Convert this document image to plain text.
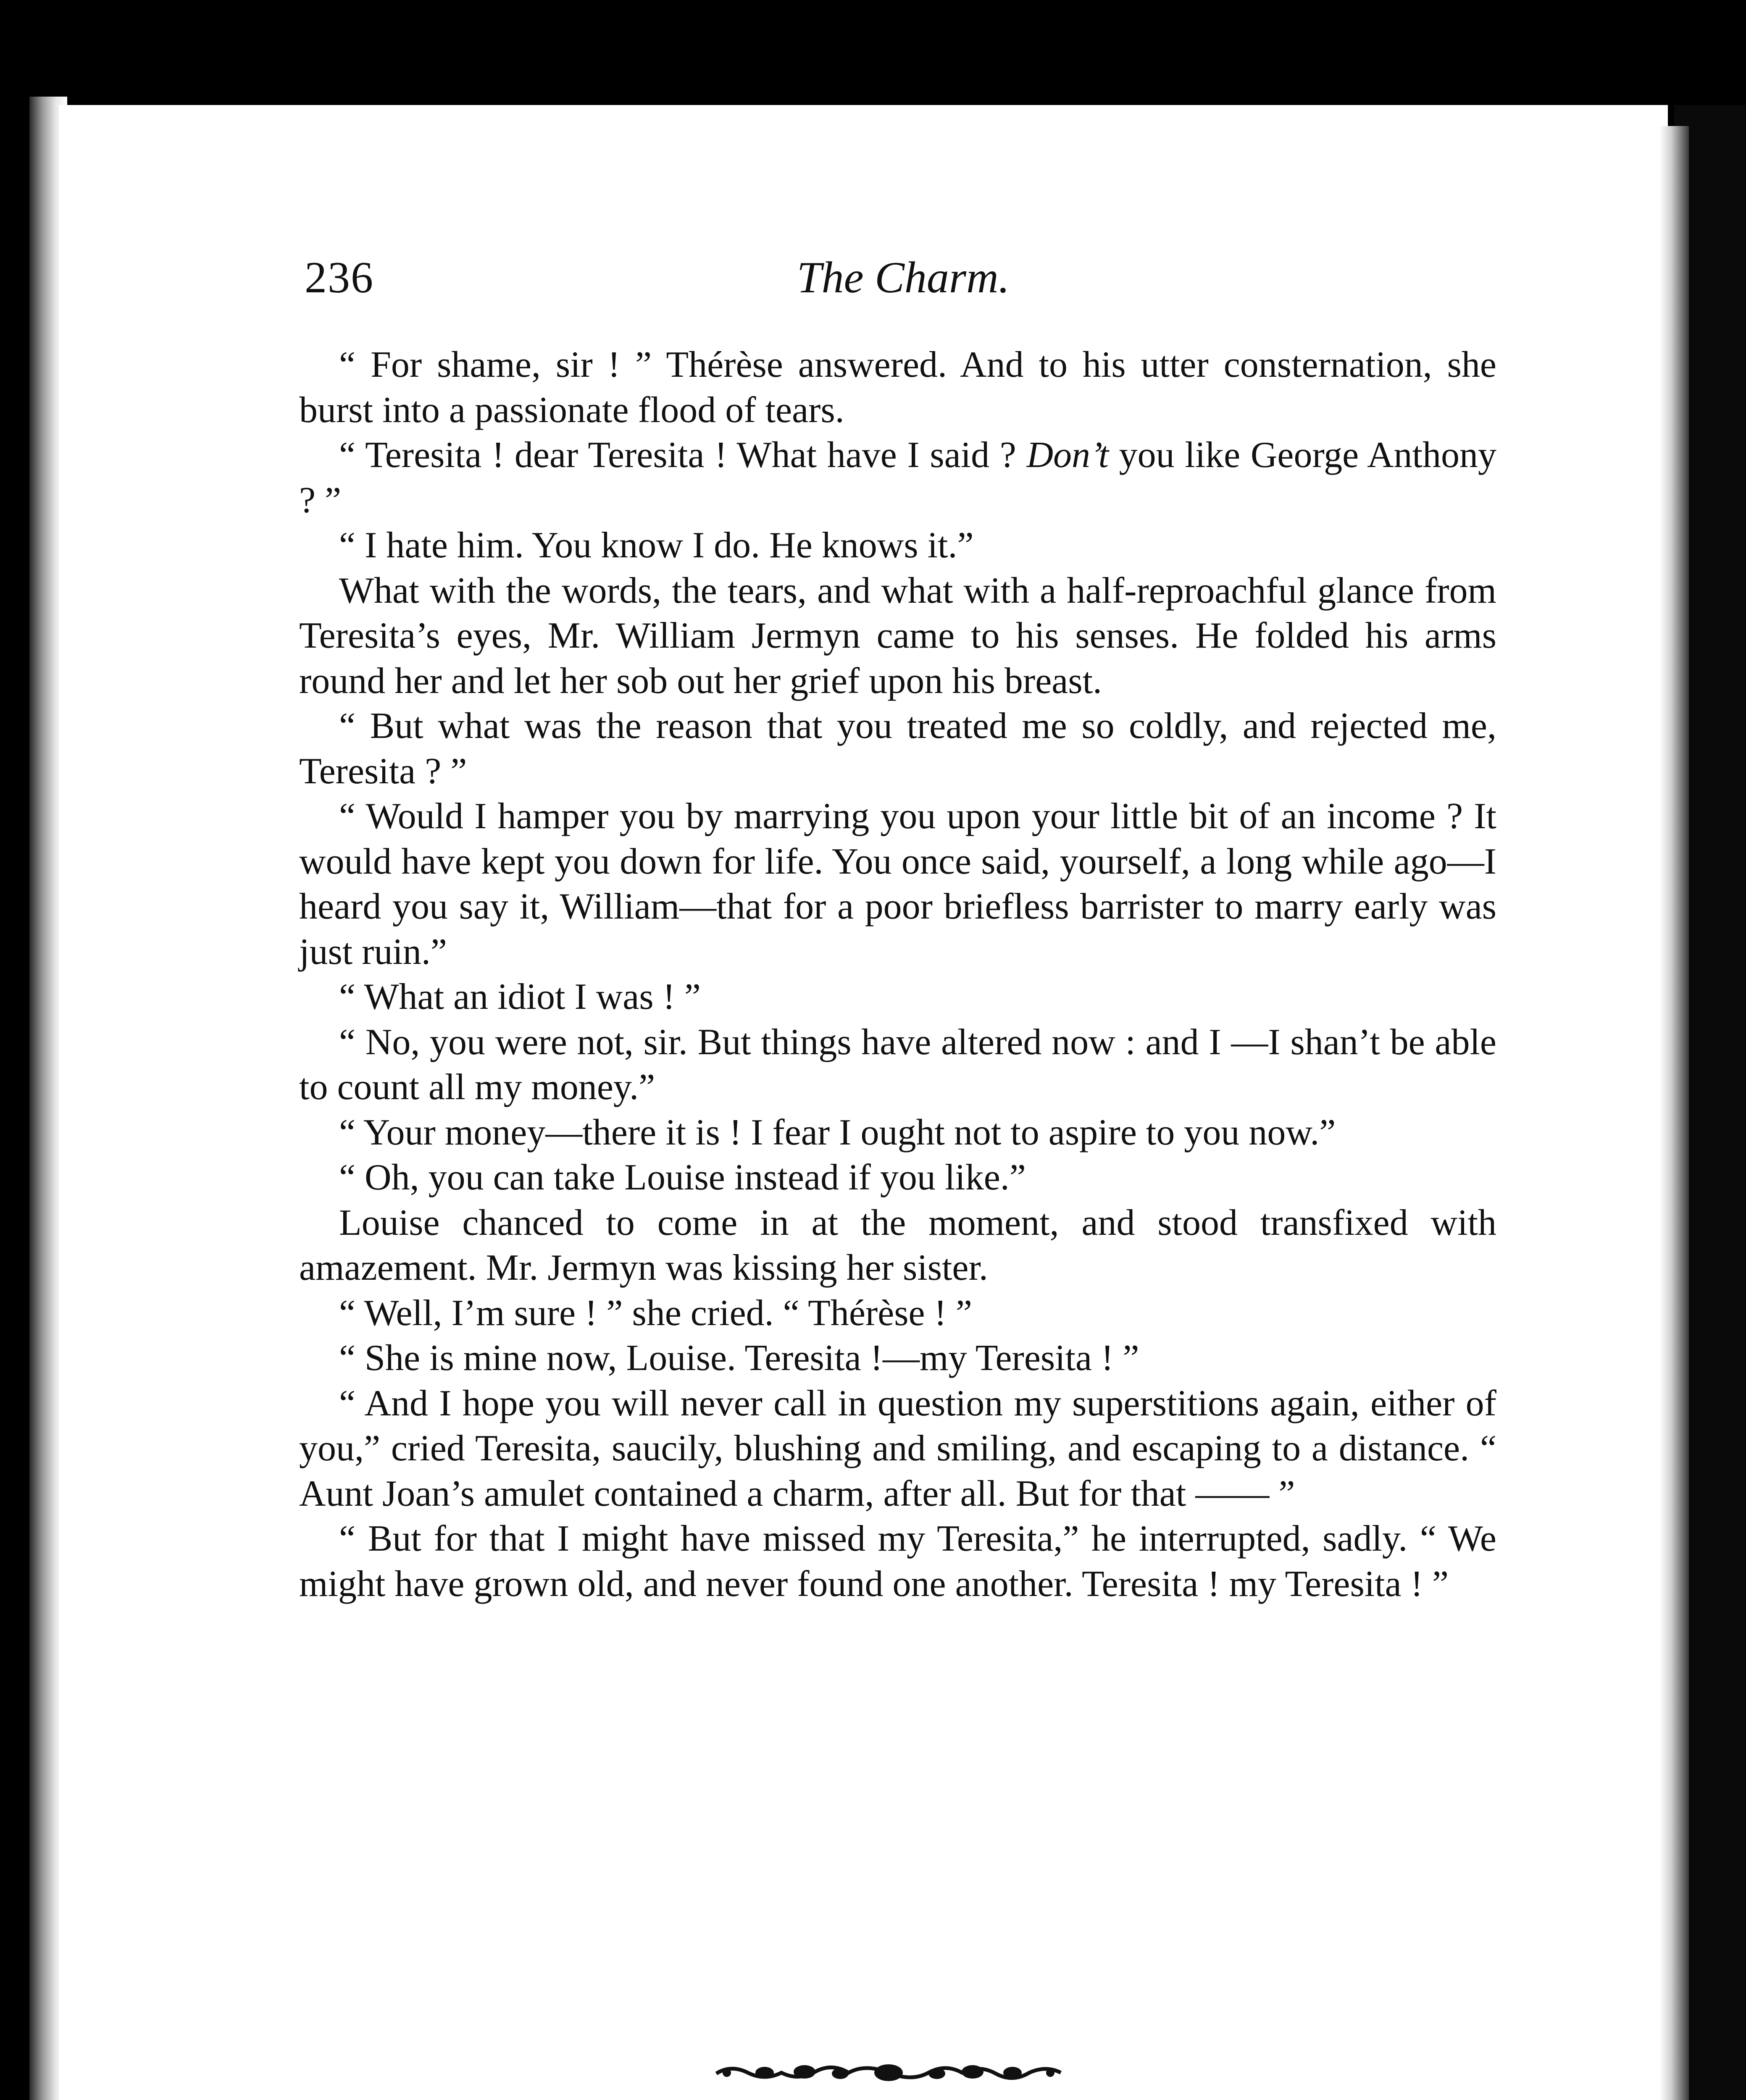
236	The Charm.

“ For shame, sir ! ” Thérèse answered. And to his utter consternation, she burst into a passionate flood of tears.

“ Teresita ! dear Teresita ! What have I said ? Don’t you like George Anthony ? ”

“ I hate him. You know I do. He knows it.”

What with the words, the tears, and what with a half-reproachful glance from Teresita’s eyes, Mr. William Jermyn came to his senses. He folded his arms round her and let her sob out her grief upon his breast.

“ But what was the reason that you treated me so coldly, and rejected me, Teresita ? ”

“ Would I hamper you by marrying you upon your little bit of an income ? It would have kept you down for life. You once said, yourself, a long while ago—I heard you say it, William—that for a poor briefless barrister to marry early was just ruin.”

“ What an idiot I was ! ”

“ No, you were not, sir. But things have altered now : and I —I shan’t be able to count all my money.”

“ Your money—there it is ! I fear I ought not to aspire to you now.”

“ Oh, you can take Louise instead if you like.”

Louise chanced to come in at the moment, and stood transfixed with amazement. Mr. Jermyn was kissing her sister.

“ Well, I’m sure ! ” she cried. “ Thérèse ! ”

“ She is mine now, Louise. Teresita !—my Teresita ! ”

“ And I hope you will never call in question my superstitions again, either of you,” cried Teresita, saucily, blushing and smiling, and escaping to a distance. “ Aunt Joan’s amulet contained a charm, after all. But for that —— ”

“ But for that I might have missed my Teresita,” he interrupted, sadly. “ We might have grown old, and never found one another. Teresita ! my Teresita ! ”
